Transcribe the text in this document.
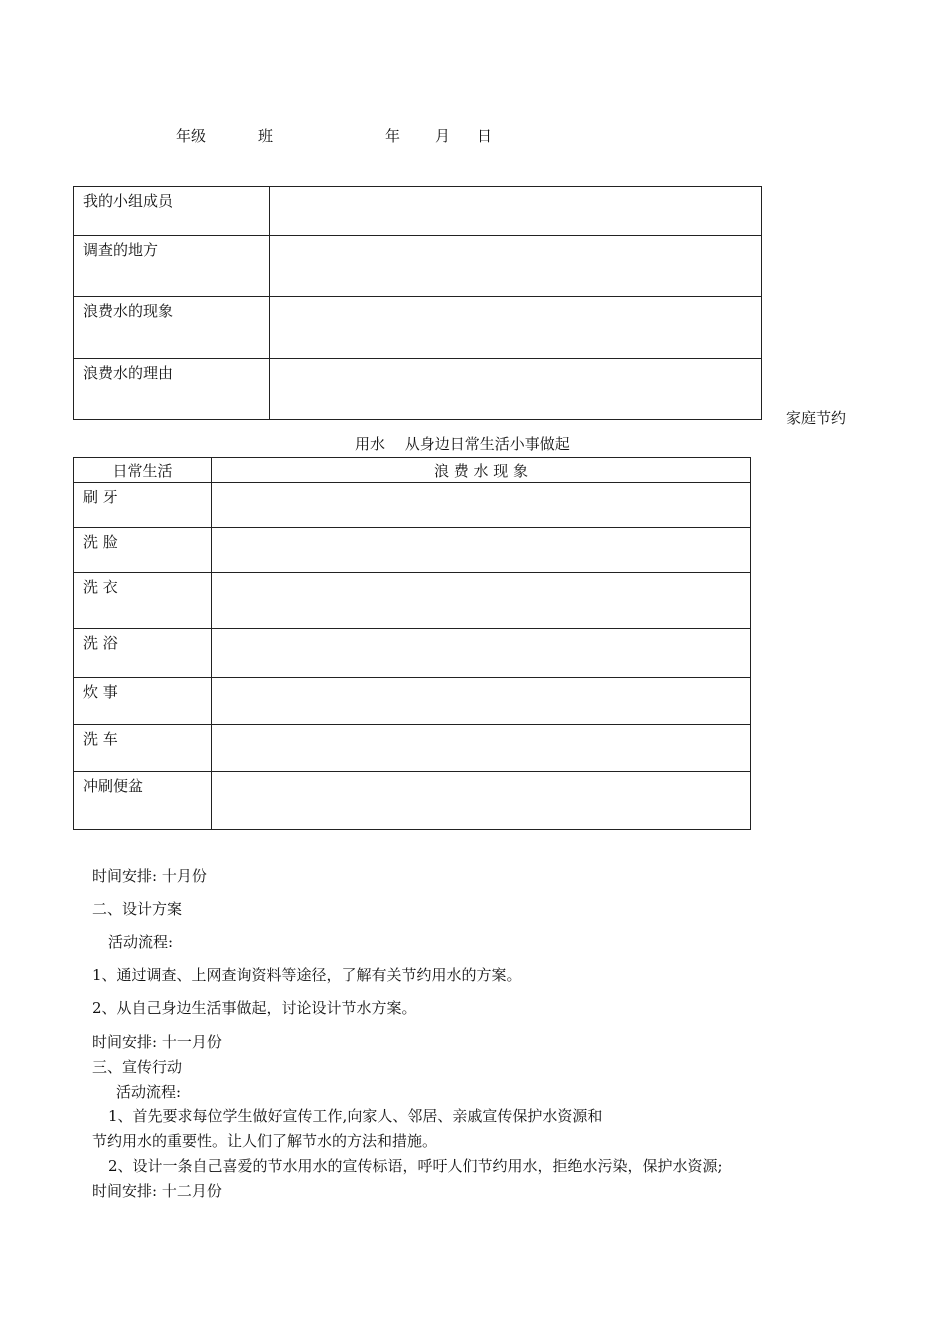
年级	班	年 月 日
我的小组成员	
调查的地方	
浪费水的现象	
浪费水的理由	
家庭节约
用水　 从身边日常生活小事做起
日常生活	浪 费 水 现 象
刷 牙	
洗 脸	
洗 衣	
洗 浴	
炊 事	
洗 车	
冲刷便盆	
时间安排: 十月份
二、设计方案
活动流程:
1、通过调查、上网查询资料等途径，了解有关节约用水的方案。
2、从自己身边生活事做起，讨论设计节水方案。
时间安排: 十一月份
三、宣传行动
活动流程:
1、首先要求每位学生做好宣传工作,向家人、邻居、亲戚宣传保护水资源和
节约用水的重要性。让人们了解节水的方法和措施。
2、设计一条自己喜爱的节水用水的宣传标语，呼吁人们节约用水，拒绝水污染，保护水资源;
时间安排: 十二月份
